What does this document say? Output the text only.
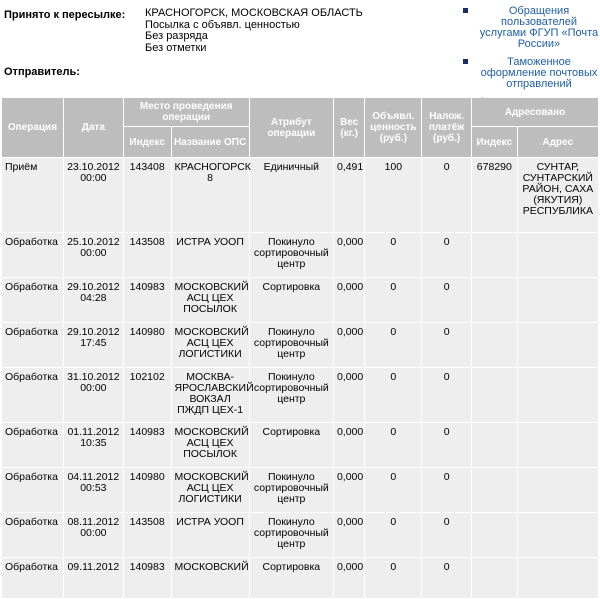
Принято к пересылке: КРАСНОГОРСК, МОСКОВСКАЯ ОБЛАСТЬ
Посылка с объявл. ценностью
Без разряда
Без отметки
Отправитель:
Обращения пользователей услугами ФГУП «Почта России»
Таможенное оформление почтовых отправлений
Операция	Дата	Место проведения операции		Атрибут операции	Вес (кг.)	Объявл. ценность (руб.)	Налож. платёж (руб.)	Адресовано	
		Индекс	Название ОПС					Индекс	Адрес
Приём	23.10.2012 00:00	143408	КРАСНОГОРСК 8	Единичный	0,491	100	0	678290	СУНТАР, СУНТАРСКИЙ РАЙОН, САХА (ЯКУТИЯ) РЕСПУБЛИКА
Обработка	25.10.2012 00:00	143508	ИСТРА УООП	Покинуло сортировочный центр	0,000	0	0		
Обработка	29.10.2012 04:28	140983	МОСКОВСКИЙ АСЦ ЦЕХ ПОСЫЛОК	Сортировка	0,000	0	0		
Обработка	29.10.2012 17:45	140980	МОСКОВСКИЙ АСЦ ЦЕХ ЛОГИСТИКИ	Покинуло сортировочный центр	0,000	0	0		
Обработка	31.10.2012 00:00	102102	МОСКВА-ЯРОСЛАВСКИЙ ВОКЗАЛ ПЖДП ЦЕХ-1	Покинуло сортировочный центр	0,000	0	0		
Обработка	01.11.2012 10:35	140983	МОСКОВСКИЙ АСЦ ЦЕХ ПОСЫЛОК	Сортировка	0,000	0	0		
Обработка	04.11.2012 00:53	140980	МОСКОВСКИЙ АСЦ ЦЕХ ЛОГИСТИКИ	Покинуло сортировочный центр	0,000	0	0		
Обработка	08.11.2012 00:00	143508	ИСТРА УООП	Покинуло сортировочный центр	0,000	0	0		
Обработка	09.11.2012	140983	МОСКОВСКИЙ	Сортировка	0,000	0	0		
